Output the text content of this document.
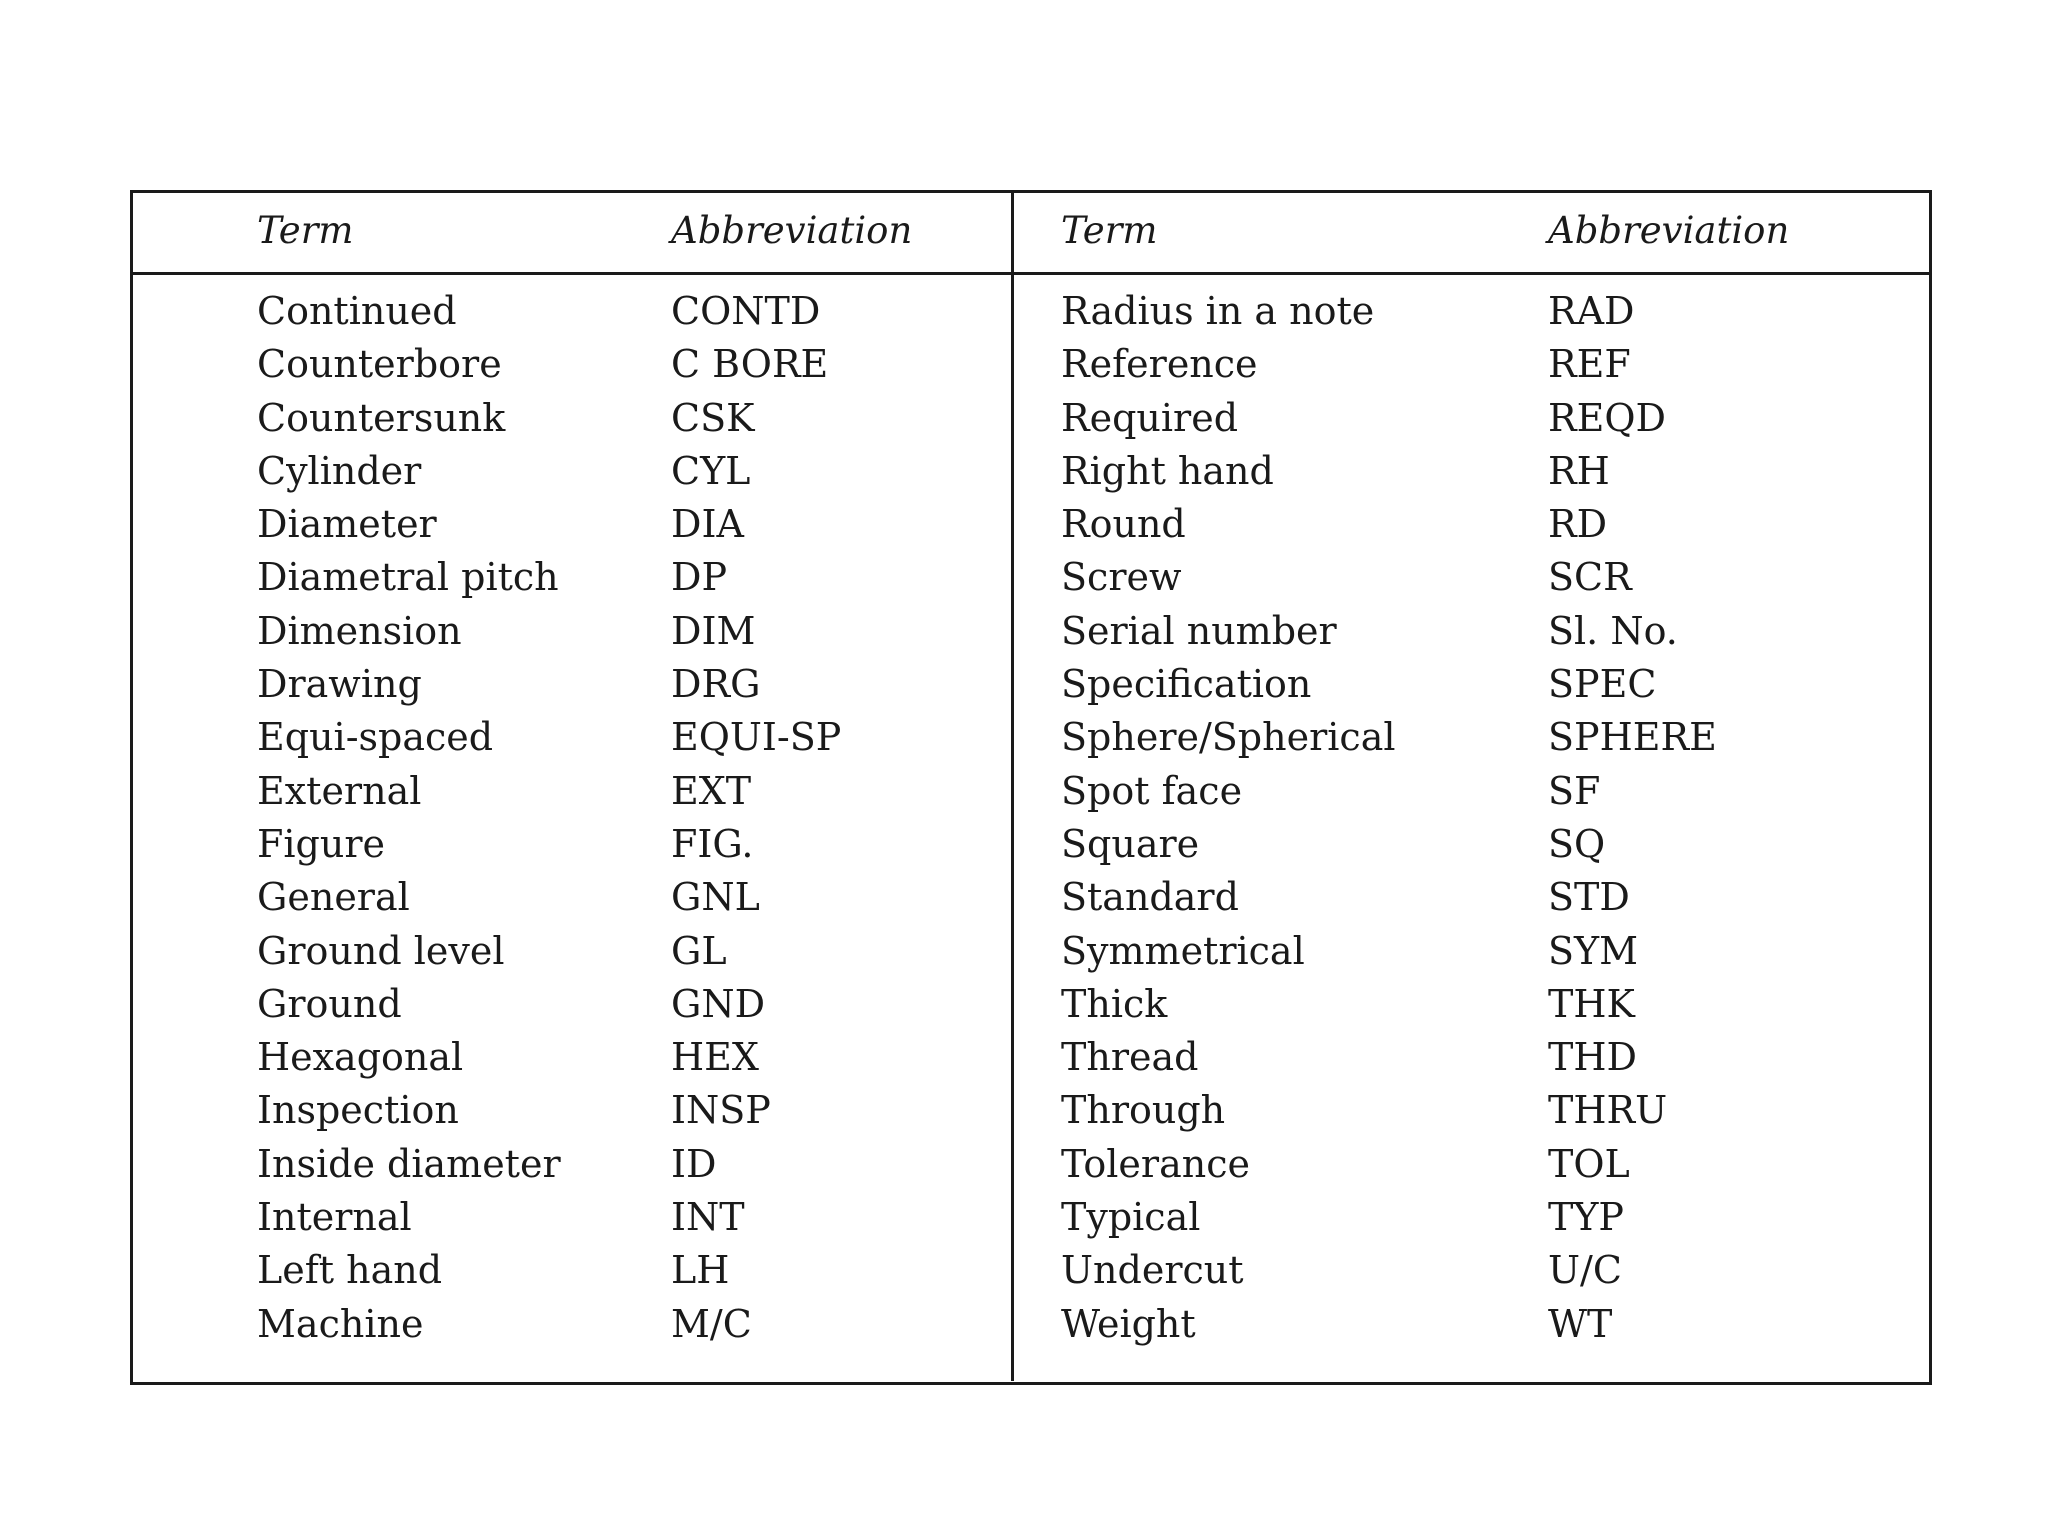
Term	Abbreviation	Term	Abbreviation
Continued	CONTD	Radius in a note	RAD
Counterbore	C BORE	Reference	REF
Countersunk	CSK	Required	REQD
Cylinder	CYL	Right hand	RH
Diameter	DIA	Round	RD
Diametral pitch	DP	Screw	SCR
Dimension	DIM	Serial number	Sl. No.
Drawing	DRG	Specification	SPEC
Equi-spaced	EQUI-SP	Sphere/Spherical	SPHERE
External	EXT	Spot face	SF
Figure	FIG.	Square	SQ
General	GNL	Standard	STD
Ground level	GL	Symmetrical	SYM
Ground	GND	Thick	THK
Hexagonal	HEX	Thread	THD
Inspection	INSP	Through	THRU
Inside diameter	ID	Tolerance	TOL
Internal	INT	Typical	TYP
Left hand	LH	Undercut	U/C
Machine	M/C	Weight	WT
